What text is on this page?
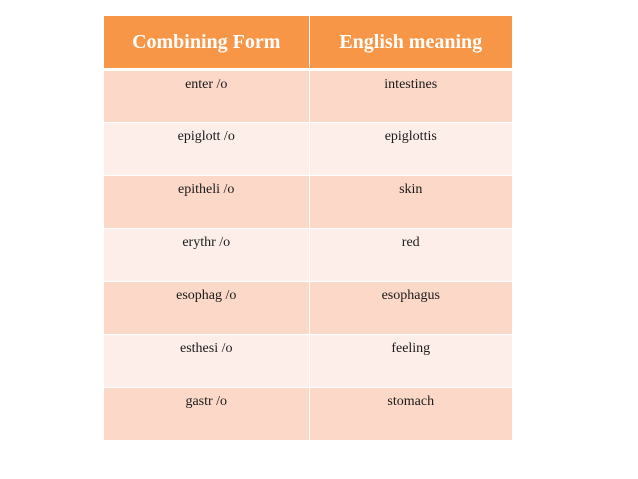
Combining Form	English meaning
enter /o	intestines
epiglott /o	epiglottis
epitheli /o	skin
erythr /o	red
esophag /o	esophagus
esthesi /o	feeling
gastr /o	stomach
